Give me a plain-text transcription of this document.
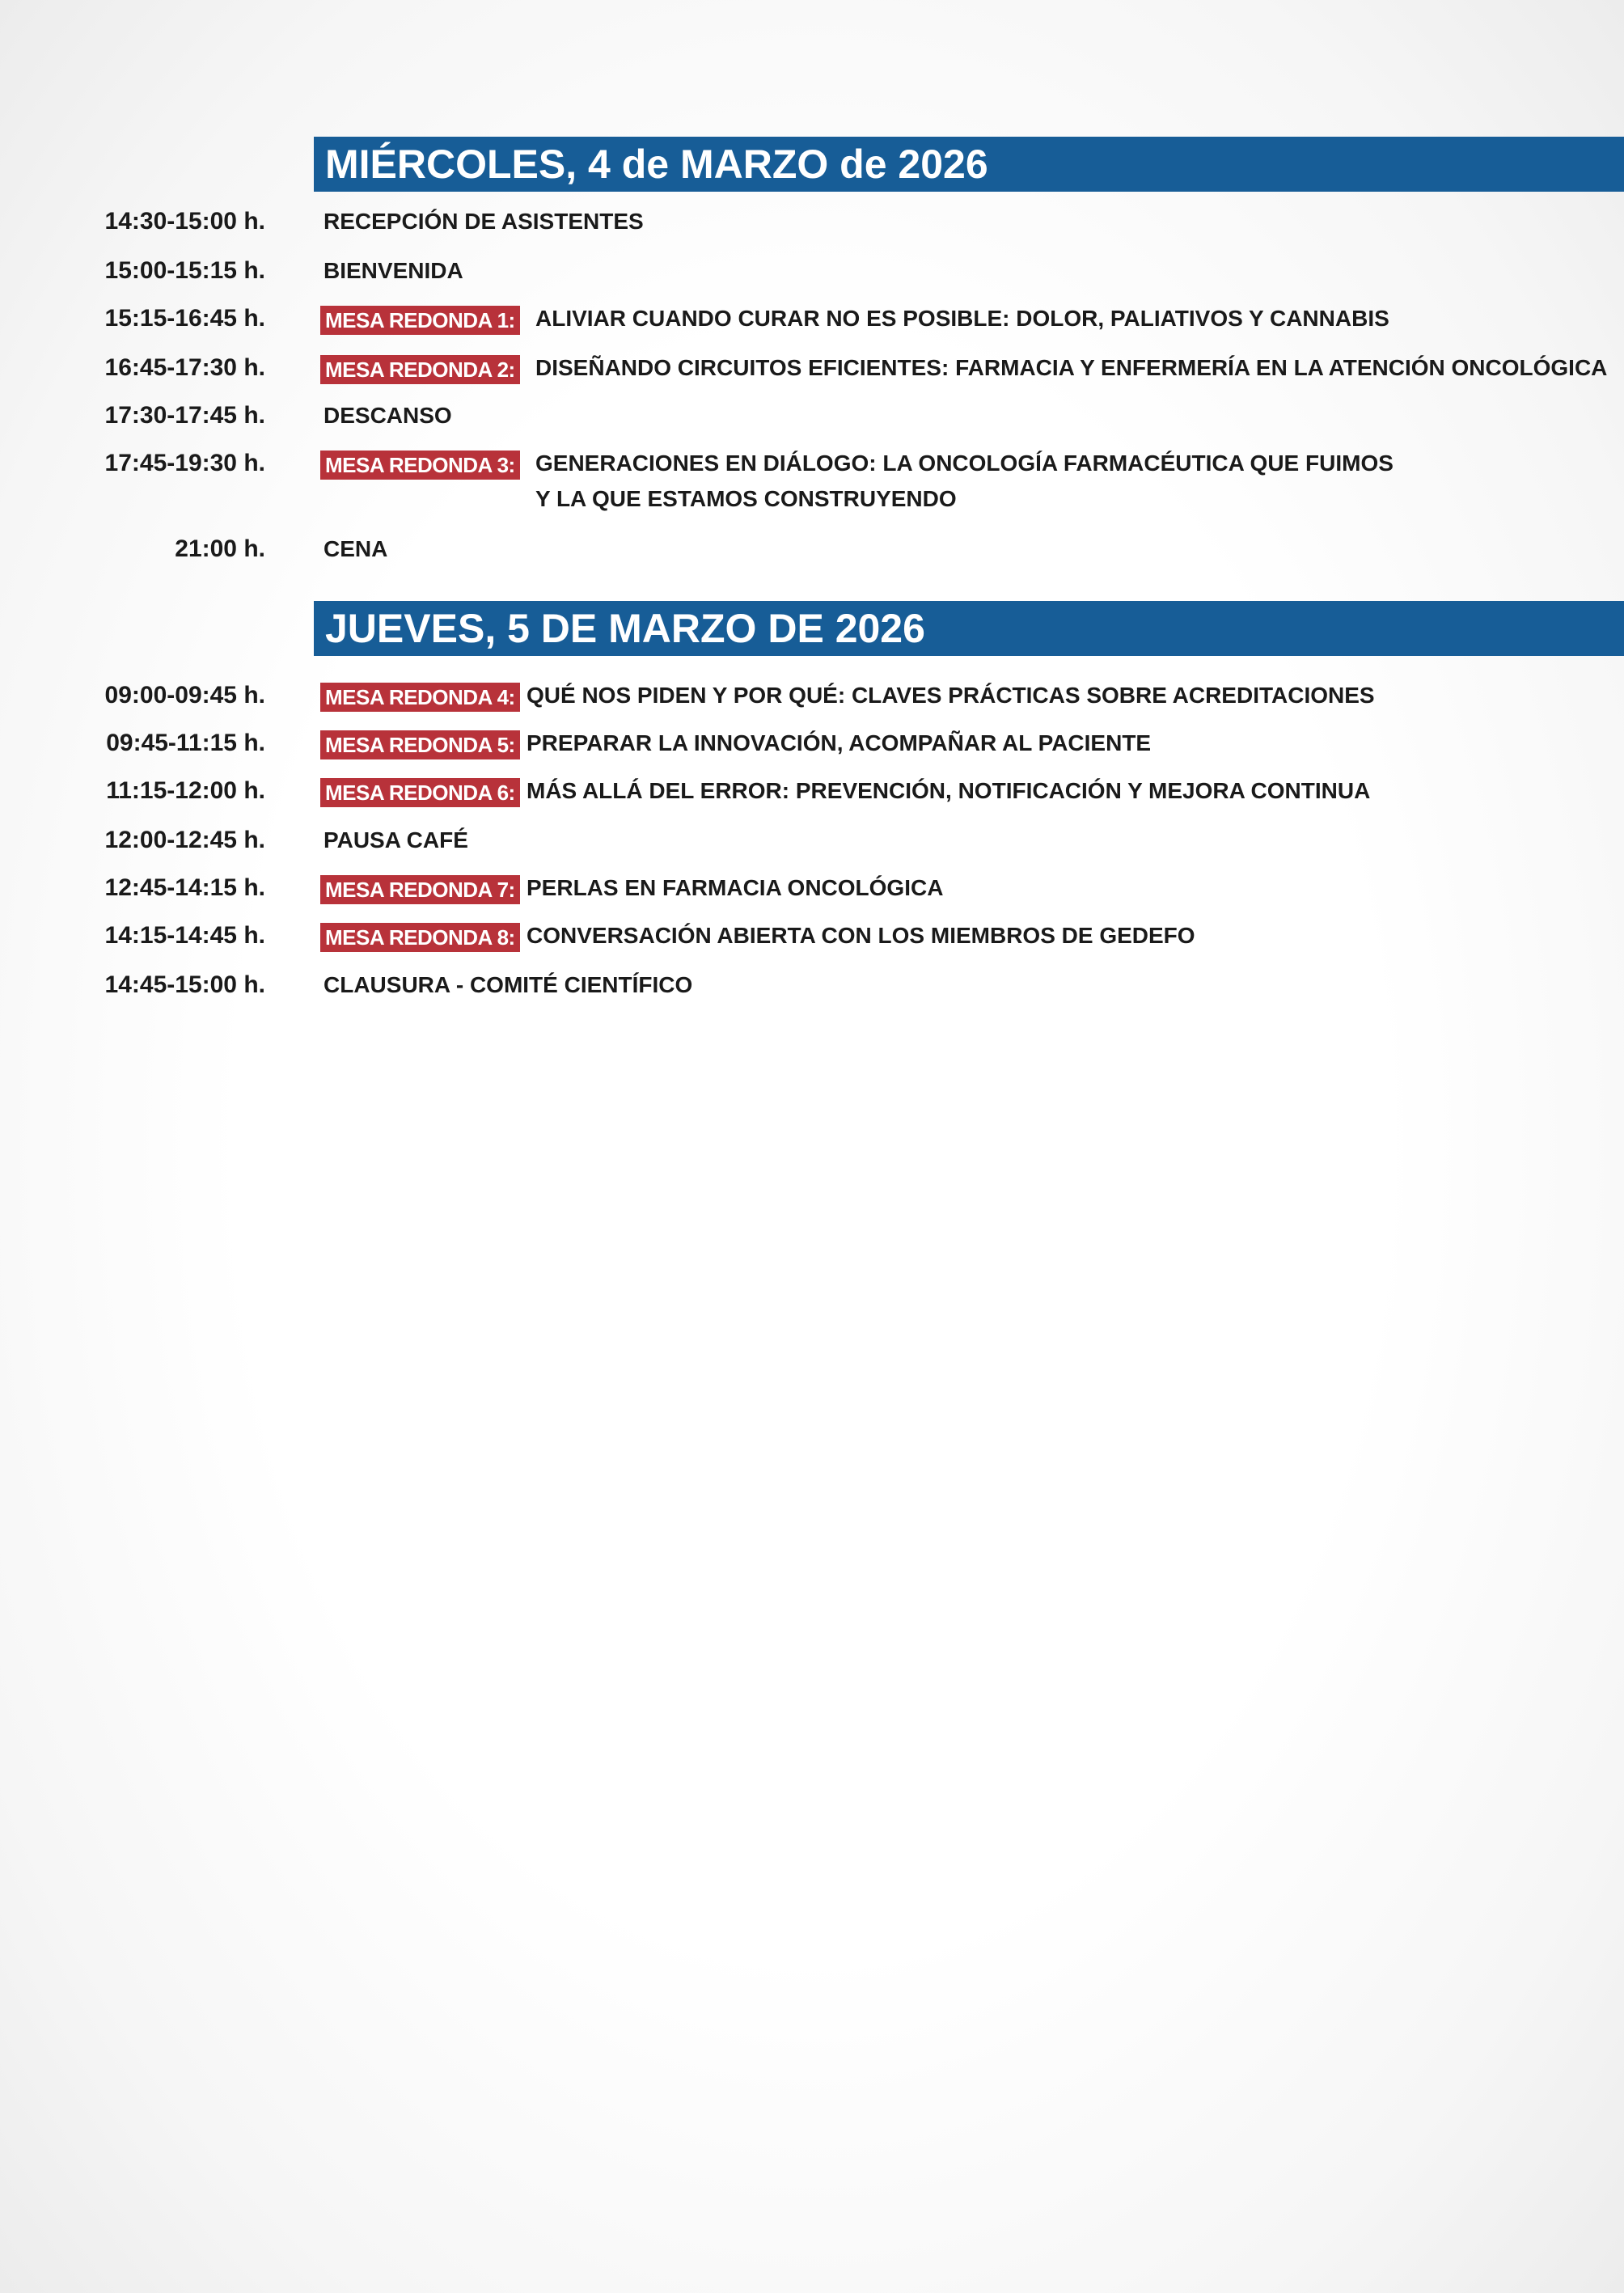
MIÉRCOLES, 4 de MARZO de 2026
14:30-15:00 h.	RECEPCIÓN DE ASISTENTES
15:00-15:15 h.	BIENVENIDA
15:15-16:45 h.	MESA REDONDA 1: ALIVIAR CUANDO CURAR NO ES POSIBLE: DOLOR, PALIATIVOS Y CANNABIS
16:45-17:30 h.	MESA REDONDA 2: DISEÑANDO CIRCUITOS EFICIENTES: FARMACIA Y ENFERMERÍA EN LA ATENCIÓN ONCOLÓGICA
17:30-17:45 h.	DESCANSO
17:45-19:30 h.	MESA REDONDA 3: GENERACIONES EN DIÁLOGO: LA ONCOLOGÍA FARMACÉUTICA QUE FUIMOS
Y LA QUE ESTAMOS CONSTRUYENDO
21:00 h.	CENA
JUEVES, 5 DE MARZO DE 2026
09:00-09:45 h.	MESA REDONDA 4: QUÉ NOS PIDEN Y POR QUÉ: CLAVES PRÁCTICAS SOBRE ACREDITACIONES
09:45-11:15 h.	MESA REDONDA 5: PREPARAR LA INNOVACIÓN, ACOMPAÑAR AL PACIENTE
11:15-12:00 h.	MESA REDONDA 6: MÁS ALLÁ DEL ERROR: PREVENCIÓN, NOTIFICACIÓN Y MEJORA CONTINUA
12:00-12:45 h.	PAUSA CAFÉ
12:45-14:15 h.	MESA REDONDA 7: PERLAS EN FARMACIA ONCOLÓGICA
14:15-14:45 h.	MESA REDONDA 8: CONVERSACIÓN ABIERTA CON LOS MIEMBROS DE GEDEFO
14:45-15:00 h.	CLAUSURA - COMITÉ CIENTÍFICO
